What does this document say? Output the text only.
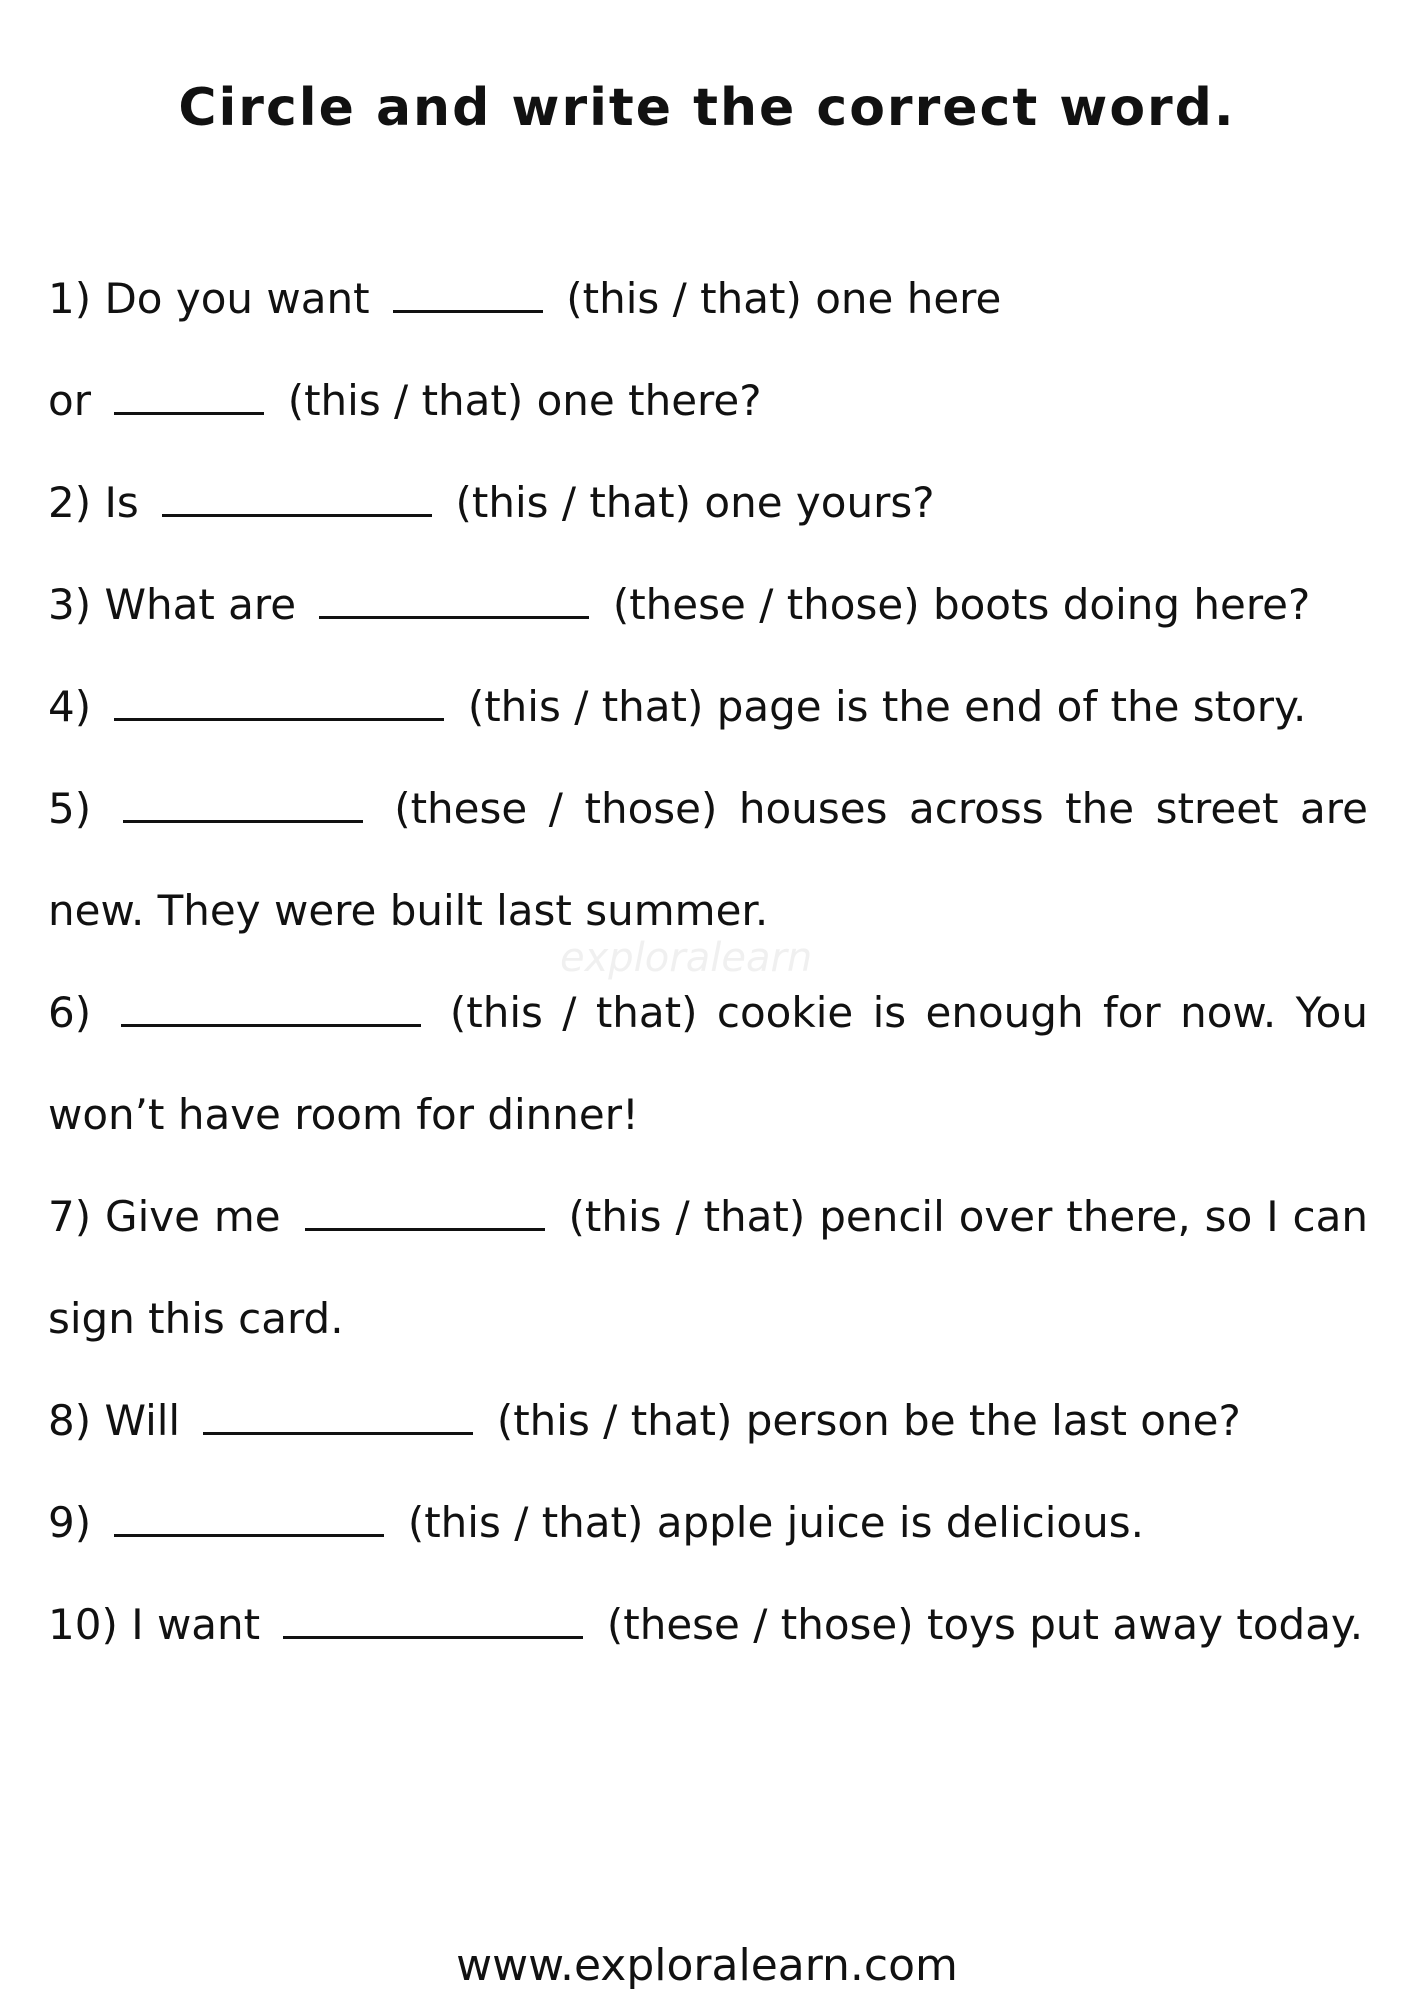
Circle and write the correct word.

exploralearn

1) Do you want	(this / that) one here
or	(this / that) one there?
2) Is	(this / that) one yours?
3) What are	(these / those) boots doing here?
4)	(this / that) page is the end of the story.
5)	(these / those) houses across the street are new. They were built last summer.
6)	(this / that) cookie is enough for now. You won’t have room for dinner!
7) Give me	(this / that) pencil over there, so I can sign this card.
8) Will	(this / that) person be the last one?
9)	(this / that) apple juice is delicious.
10) I want	(these / those) toys put away today.

www.exploralearn.com
